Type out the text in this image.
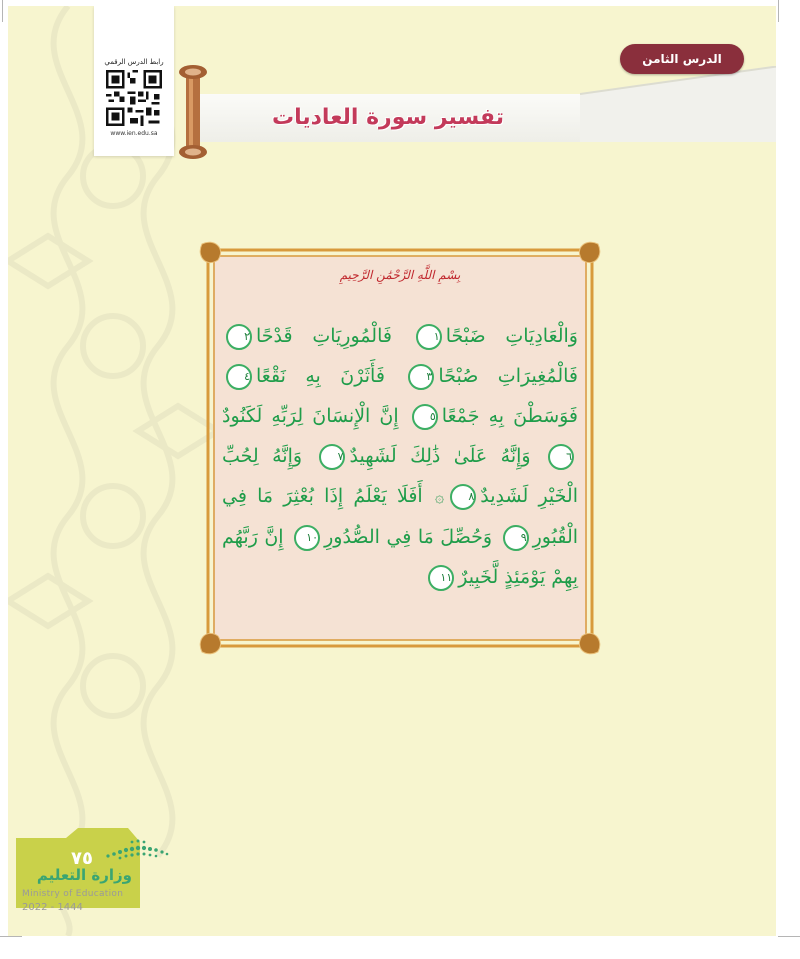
الدرس الثامن
تفسير سورة العاديات
رابط الدرس الرقمي
www.ien.edu.sa
بِسْمِ اللَّهِ الرَّحْمَٰنِ الرَّحِيمِ
وَالْعَادِيَاتِ ضَبْحًا١ فَالْمُورِيَاتِ قَدْحًا٢ فَالْمُغِيرَاتِ صُبْحًا٣ فَأَثَرْنَ بِهِ نَقْعًا٤ فَوَسَطْنَ بِهِ جَمْعًا٥ إِنَّ الْإِنسَانَ لِرَبِّهِ لَكَنُودٌ٦ وَإِنَّهُ عَلَىٰ ذَٰلِكَ لَشَهِيدٌ٧ وَإِنَّهُ لِحُبِّ الْخَيْرِ لَشَدِيدٌ٨۞ أَفَلَا يَعْلَمُ إِذَا بُعْثِرَ مَا فِي الْقُبُورِ٩ وَحُصِّلَ مَا فِي الصُّدُورِ١٠ إِنَّ رَبَّهُم بِهِمْ يَوْمَئِذٍ لَّخَبِيرٌ١١
٧٥
وزارة التعليم
Ministry of Education
2022 - 1444
